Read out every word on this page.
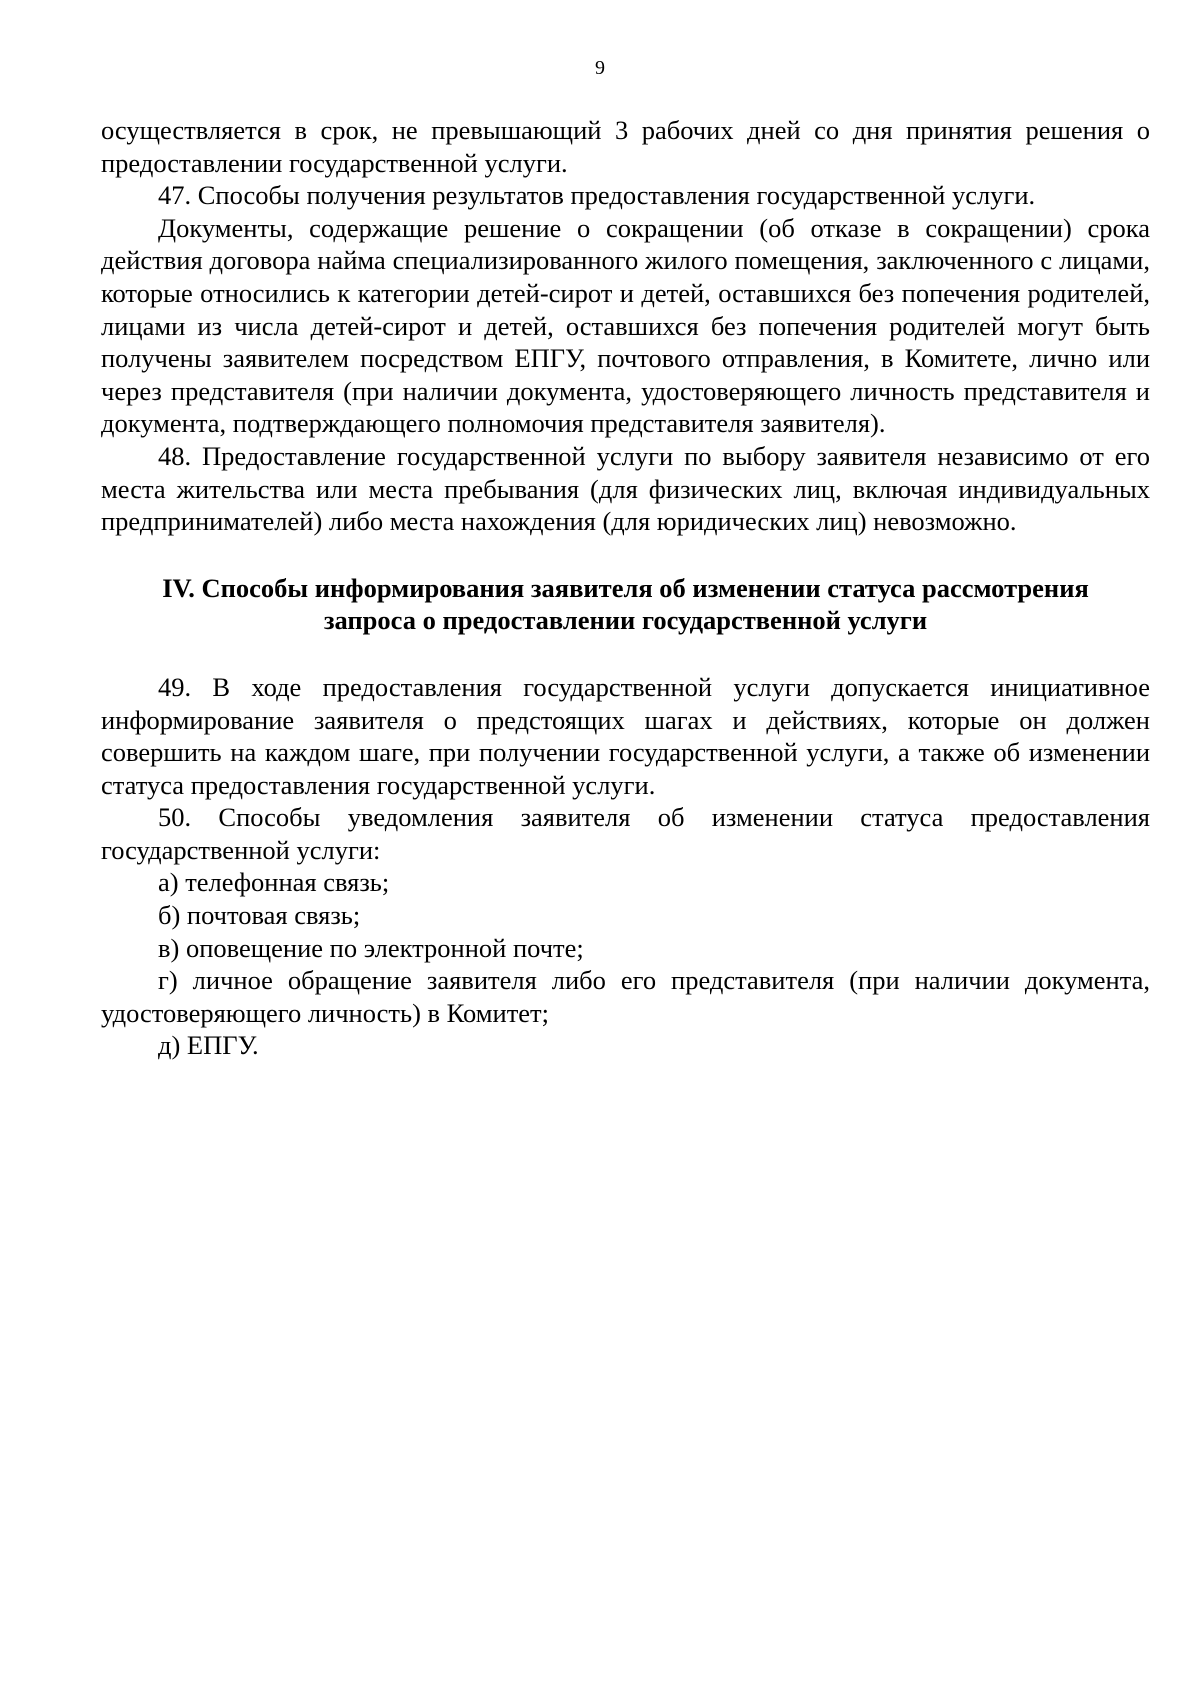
9

осуществляется в срок, не превышающий 3 рабочих дней со дня принятия решения о предоставлении государственной услуги.

47. Способы получения результатов предоставления государственной услуги.

Документы, содержащие решение о сокращении (об отказе в сокращении) срока действия договора найма специализированного жилого помещения, заключенного с лицами, которые относились к категории детей-сирот и детей, оставшихся без попечения родителей, лицами из числа детей-сирот и детей, оставшихся без попечения родителей могут быть получены заявителем посредством ЕПГУ, почтового отправления, в Комитете, лично или через представителя (при наличии документа, удостоверяющего личность представителя и документа, подтверждающего полномочия представителя заявителя).

48. Предоставление государственной услуги по выбору заявителя независимо от его места жительства или места пребывания (для физических лиц, включая индивидуальных предпринимателей) либо места нахождения (для юридических лиц) невозможно.

IV. Способы информирования заявителя об изменении статуса рассмотрения
запроса о предоставлении государственной услуги

49. В ходе предоставления государственной услуги допускается инициативное информирование заявителя о предстоящих шагах и действиях, которые он должен совершить на каждом шаге, при получении государственной услуги, а также об изменении статуса предоставления государственной услуги.

50. Способы уведомления заявителя об изменении статуса предоставления государственной услуги:

а) телефонная связь;

б) почтовая связь;

в) оповещение по электронной почте;

г) личное обращение заявителя либо его представителя (при наличии документа, удостоверяющего личность) в Комитет;

д) ЕПГУ.
